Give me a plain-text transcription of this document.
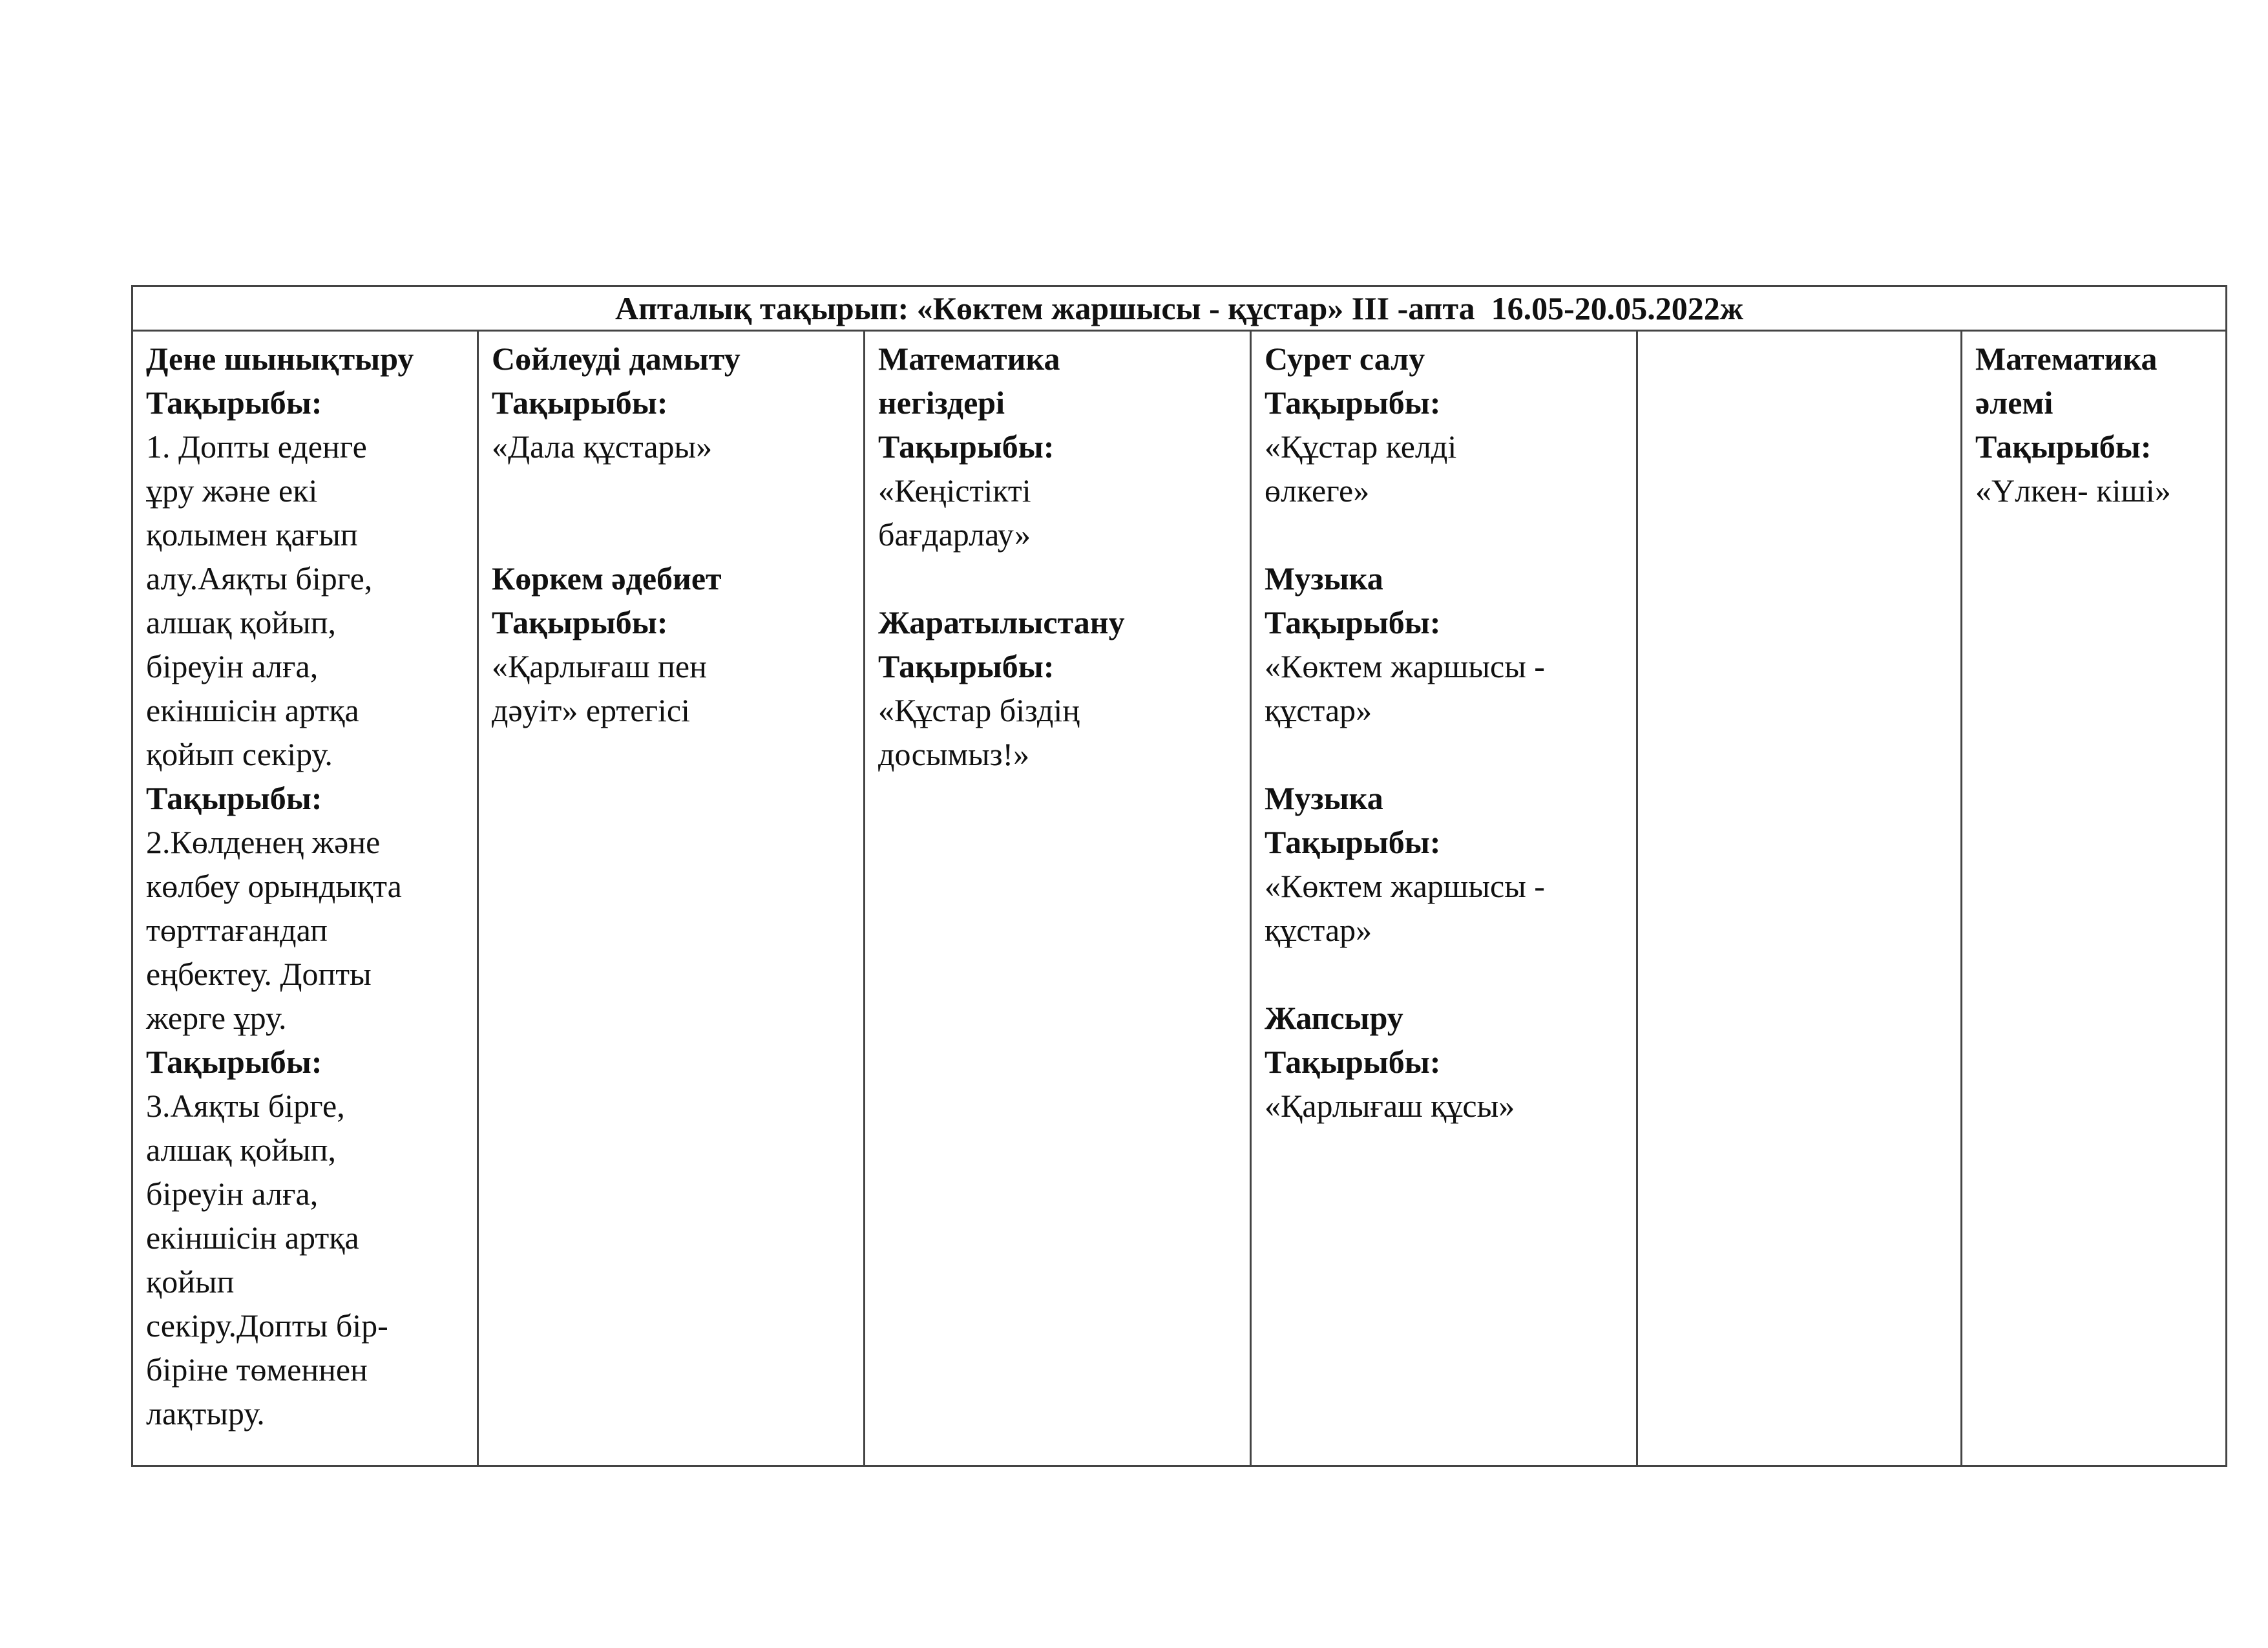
Апталық тақырып: «Көктем жаршысы - құстар» III -апта  16.05-20.05.2022ж
Дене шынықтыру
Тақырыбы:
1. Допты еденге
ұру және екі
қолымен қағып
алу.Аяқты бірге,
алшақ қойып,
біреуін алға,
екіншісін артқа
қойып секіру.
Тақырыбы:
2.Көлденең және
көлбеу орындықта
төрттағандап
еңбектеу. Допты
жерге ұру.
Тақырыбы:
3.Аяқты бірге,
алшақ қойып,
біреуін алға,
екіншісін артқа
қойып
секіру.Допты бір-
біріне төменнен
лақтыру.
Сөйлеуді дамыту
Тақырыбы:
«Дала құстары»
Көркем әдебиет
Тақырыбы:
«Қарлығаш пен
дәуіт» ертегісі
Математика
негіздері
Тақырыбы:
«Кеңістікті
бағдарлау»
Жаратылыстану
Тақырыбы:
«Құстар біздің
досымыз!»
Сурет салу
Тақырыбы:
«Құстар келді
өлкеге»
Музыка
Тақырыбы:
«Көктем жаршысы -
құстар»
Музыка
Тақырыбы:
«Көктем жаршысы -
құстар»
Жапсыру
Тақырыбы:
«Қарлығаш құсы»
Математика
әлемі
Тақырыбы:
«Үлкен- кіші»
